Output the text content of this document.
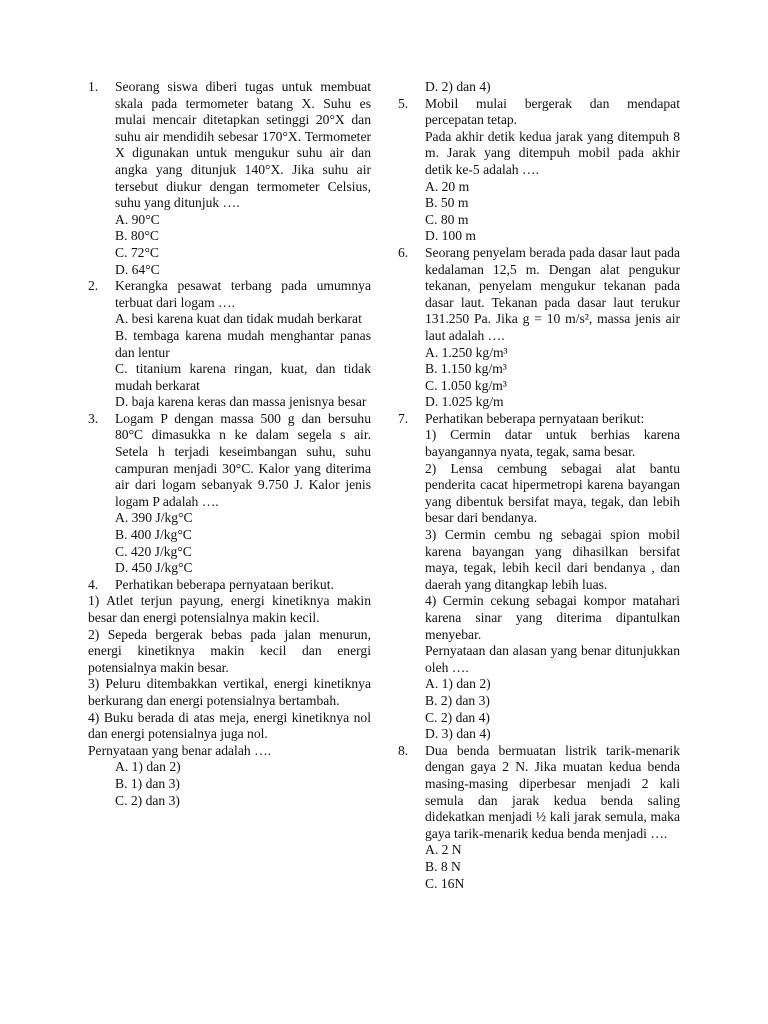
1. Seorang siswa diberi tugas untuk membuat skala pada termometer batang X. Suhu es mulai mencair ditetapkan setinggi 20°X dan suhu air mendidih sebesar 170°X. Termometer X digunakan untuk mengukur suhu air dan angka yang ditunjuk 140°X. Jika suhu air tersebut diukur dengan termometer Celsius, suhu yang ditunjuk ….
A. 90°C
B. 80°C
C. 72°C
D. 64°C
2. Kerangka pesawat terbang pada umumnya terbuat dari logam ….
A. besi karena kuat dan tidak mudah berkarat
B. tembaga karena mudah menghantar panas dan lentur
C. titanium karena ringan, kuat, dan tidak mudah berkarat
D. baja karena keras dan massa jenisnya besar
3. Logam P dengan massa 500 g dan bersuhu 80°C dimasukka n ke dalam segela s air. Setela h terjadi keseimbangan suhu, suhu campuran menjadi 30°C. Kalor yang diterima air dari logam sebanyak 9.750 J. Kalor jenis logam P adalah ….
A. 390 J/kg°C
B. 400 J/kg°C
C. 420 J/kg°C
D. 450 J/kg°C
4. Perhatikan beberapa pernyataan berikut.
1) Atlet terjun payung, energi kinetiknya makin besar dan energi potensialnya makin kecil.
2) Sepeda bergerak bebas pada jalan menurun, energi kinetiknya makin kecil dan energi potensialnya makin besar.
3) Peluru ditembakkan vertikal, energi kinetiknya berkurang dan energi potensialnya bertambah.
4) Buku berada di atas meja, energi kinetiknya nol dan energi potensialnya juga nol.
Pernyataan yang benar adalah ….
A. 1) dan 2)
B. 1) dan 3)
C. 2) dan 3)
D. 2) dan 4)
5. Mobil mulai bergerak dan mendapat percepatan tetap.
Pada akhir detik kedua jarak yang ditempuh 8 m. Jarak yang ditempuh mobil pada akhir detik ke-5 adalah ….
A. 20 m
B. 50 m
C. 80 m
D. 100 m
6. Seorang penyelam berada pada dasar laut pada kedalaman 12,5 m. Dengan alat pengukur tekanan, penyelam mengukur tekanan pada dasar laut. Tekanan pada dasar laut terukur 131.250 Pa. Jika g = 10 m/s², massa jenis air laut adalah ….
A. 1.250 kg/m³
B. 1.150 kg/m³
C. 1.050 kg/m³
D. 1.025 kg/m
7. Perhatikan beberapa pernyataan berikut:
1) Cermin datar untuk berhias karena bayangannya nyata, tegak, sama besar.
2) Lensa cembung sebagai alat bantu penderita cacat hipermetropi karena bayangan yang dibentuk bersifat maya, tegak, dan lebih besar dari bendanya.
3) Cermin cembu ng sebagai spion mobil karena bayangan yang dihasilkan bersifat maya, tegak, lebih kecil dari bendanya , dan daerah yang ditangkap lebih luas.
4) Cermin cekung sebagai kompor matahari karena sinar yang diterima dipantulkan menyebar.
Pernyataan dan alasan yang benar ditunjukkan oleh ….
A. 1) dan 2)
B. 2) dan 3)
C. 2) dan 4)
D. 3) dan 4)
8. Dua benda bermuatan listrik tarik-menarik dengan gaya 2 N. Jika muatan kedua benda masing-masing diperbesar menjadi 2 kali semula dan jarak kedua benda saling didekatkan menjadi ½ kali jarak semula, maka gaya tarik-menarik kedua benda menjadi ….
A. 2 N
B. 8 N
C. 16N
